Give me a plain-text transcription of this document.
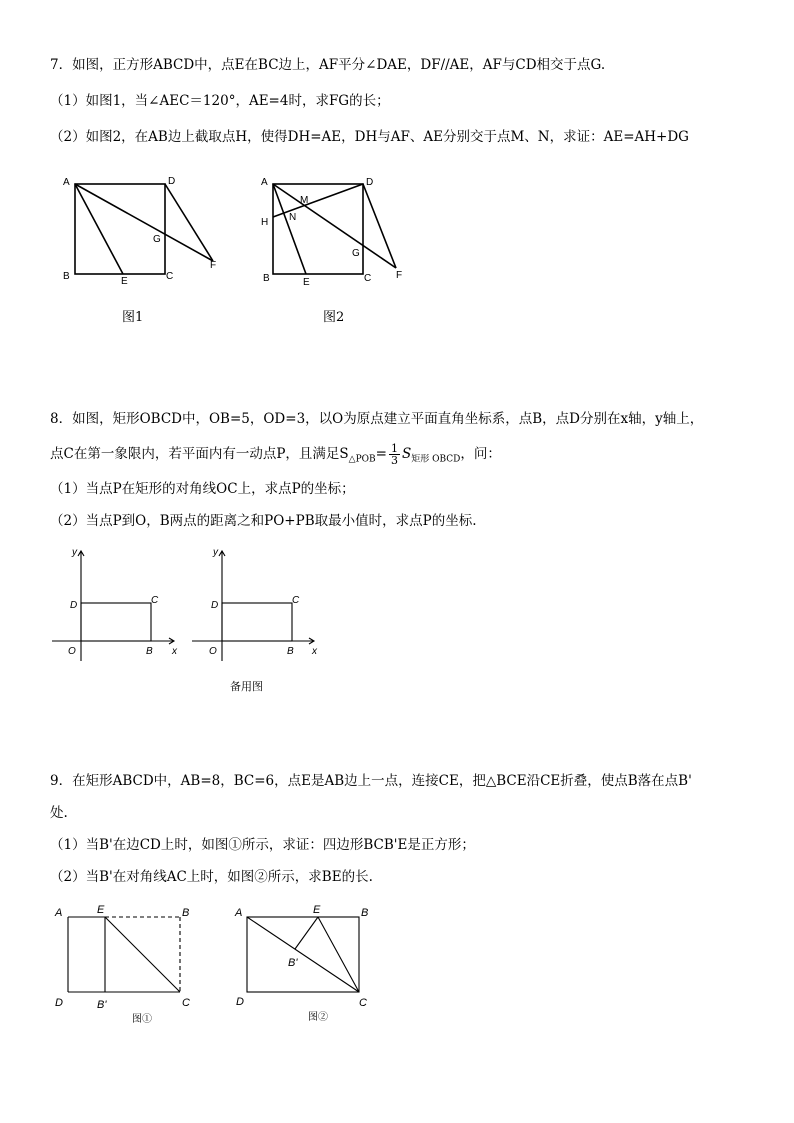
7．如图，正方形ABCD中，点E在BC边上，AF平分∠DAE，DF//AE，AF与CD相交于点G.
（1）如图1，当∠AEC＝120°，AE=4时，求FG的长；
（2）如图2，在AB边上截取点H，使得DH=AE，DH与AF、AE分别交于点M、N，求证：AE=AH+DG
A	D
G
F
B	E	C
图1
A	D
M
N
H
G
F
B	E	C
图2
8．如图，矩形OBCD中，OB=5，OD=3，以O为原点建立平面直角坐标系，点B，点D分别在x轴，y轴上，
点C在第一象限内，若平面内有一动点P，且满足$S_{\triangle POB}= \frac{1}{3} S_{矩形 OBCD}$，问：
（1）当点P在矩形的对角线OC上，求点P的坐标；
（2）当点P到O，B两点的距离之和PO+PB取最小值时，求点P的坐标.
y
x
D	C
O	B
y
x
D	C
O	B
备用图
9．在矩形ABCD中，AB=8，BC=6，点E是AB边上一点，连接CE，把△BCE沿CE折叠，使点B落在点B'
处.
（1）当B'在边CD上时，如图①所示，求证：四边形BCB'E是正方形；
（2）当B'在对角线AC上时，如图②所示，求BE的长.
A	E	B
D	B'	C
图①
A	E	B
B'
D	C
图②
